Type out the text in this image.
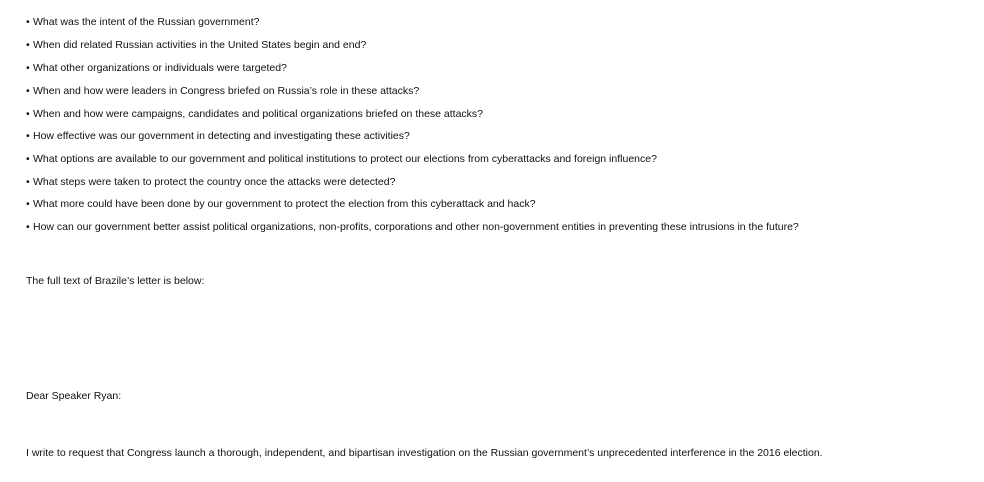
• What was the intent of the Russian government?
• When did related Russian activities in the United States begin and end?
• What other organizations or individuals were targeted?
• When and how were leaders in Congress briefed on Russia’s role in these attacks?
• When and how were campaigns, candidates and political organizations briefed on these attacks?
• How effective was our government in detecting and investigating these activities?
• What options are available to our government and political institutions to protect our elections from cyberattacks and foreign influence?
• What steps were taken to protect the country once the attacks were detected?
• What more could have been done by our government to protect the election from this cyberattack and hack?
• How can our government better assist political organizations, non-profits, corporations and other non-government entities in preventing these intrusions in the future?
The full text of Brazile’s letter is below:
Dear Speaker Ryan:
I write to request that Congress launch a thorough, independent, and bipartisan investigation on the Russian government’s unprecedented interference in the 2016 election.
